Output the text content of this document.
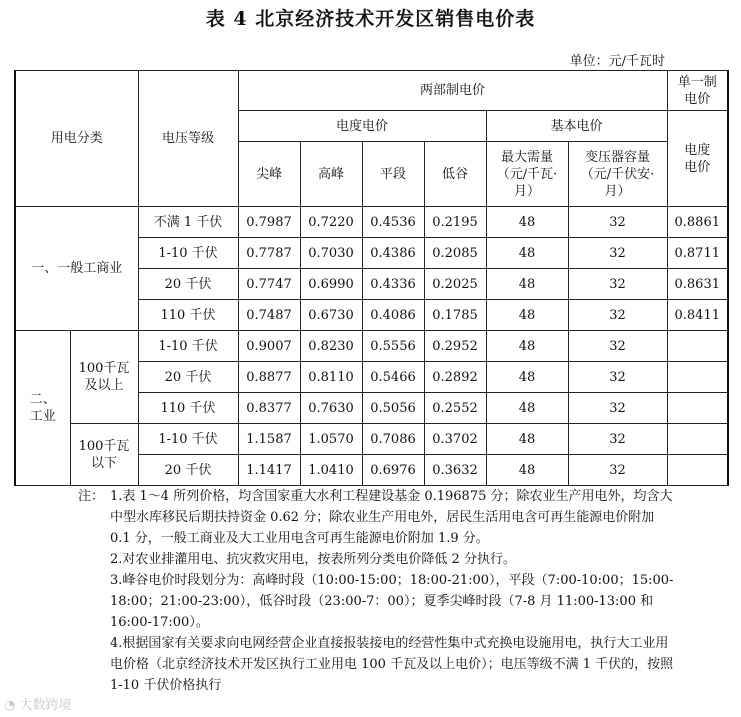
表 4 北京经济技术开发区销售电价表
单位：元/千瓦时
用电分类		电压等级	两部制电价						单一制电价
			电度电价				基本电价		电度电价
			尖峰	高峰	平段	低谷	最大需量（元/千瓦·月）	变压器容量（元/千伏安·月）	
一、一般工商业		不满 1 千伏	0.7987	0.7220	0.4536	0.2195	48	32	0.8861
		1-10 千伏	0.7787	0.7030	0.4386	0.2085	48	32	0.8711
		20 千伏	0.7747	0.6990	0.4336	0.2025	48	32	0.8631
		110 千伏	0.7487	0.6730	0.4086	0.1785	48	32	0.8411
二、工业	100千瓦及以上	1-10 千伏	0.9007	0.8230	0.5556	0.2952	48	32	
		20 千伏	0.8877	0.8110	0.5466	0.2892	48	32	
		110 千伏	0.8377	0.7630	0.5056	0.2552	48	32	
	100千瓦以下	1-10 千伏	1.1587	1.0570	0.7086	0.3702	48	32	
		20 千伏	1.1417	1.0410	0.6976	0.3632	48	32	
注： 1.表 1～4 所列价格，均含国家重大水利工程建设基金 0.196875 分；除农业生产用电外，均含大中型水库移民后期扶持资金 0.62 分；除农业生产用电外，居民生活用电含可再生能源电价附加 0.1 分，一般工商业及大工业用电含可再生能源电价附加 1.9 分。
2.对农业排灌用电、抗灾救灾用电，按表所列分类电价降低 2 分执行。
3.峰谷电价时段划分为：高峰时段（10:00-15:00；18:00-21:00），平段（7:00-10:00；15:00-18:00；21:00-23:00），低谷时段（23:00-7：00）；夏季尖峰时段（7-8 月 11:00-13:00 和 16:00-17:00）。
4.根据国家有关要求向电网经营企业直接报装接电的经营性集中式充换电设施用电，执行大工业用电价格（北京经济技术开发区执行工业用电 100 千瓦及以上电价）；电压等级不满 1 千伏的，按照 1-10 千伏价格执行
◔ 大数跨境
